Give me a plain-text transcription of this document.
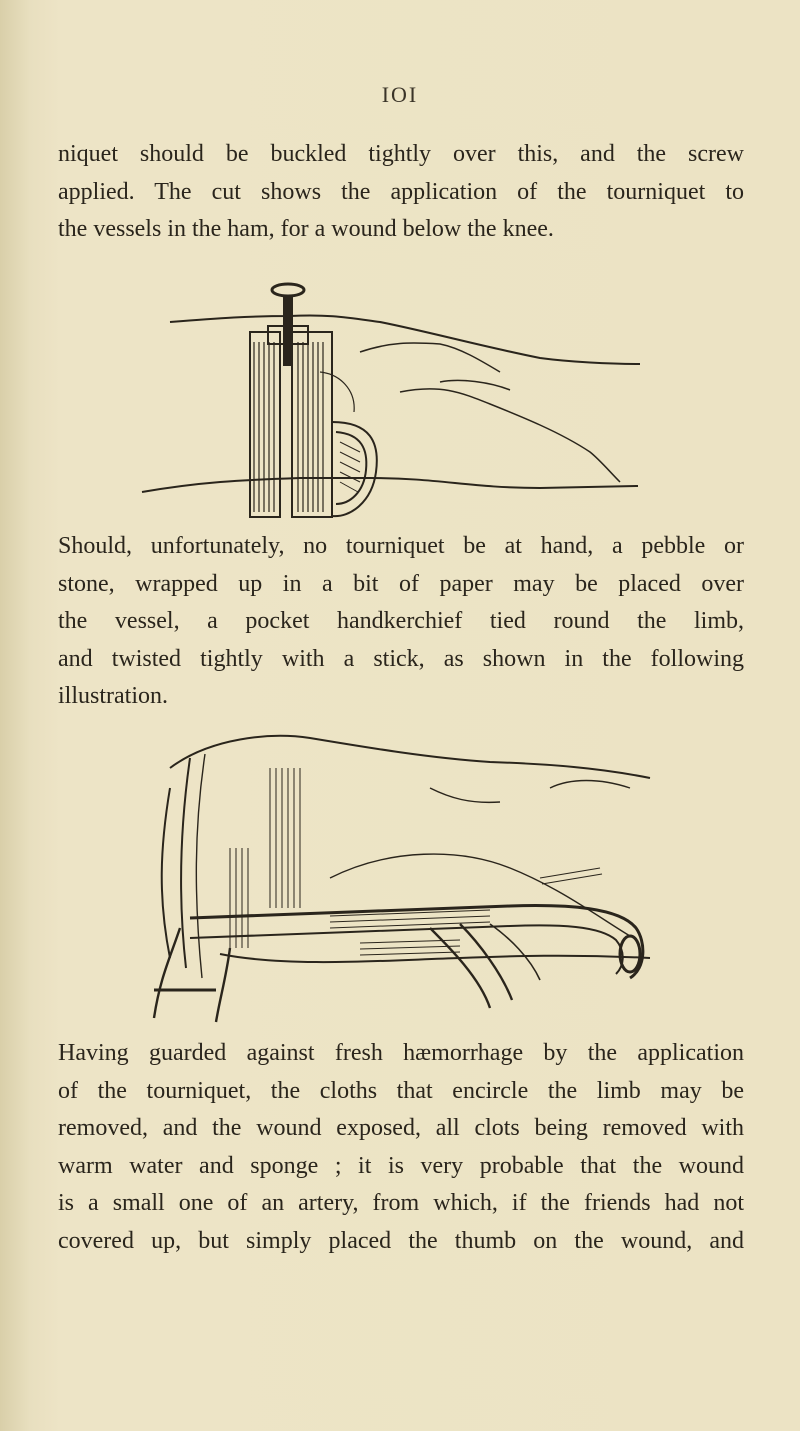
IOI

niquet should be buckled tightly over this, and the screw
applied. The cut shows the application of the tourniquet to
the vessels in the ham, for a wound below the knee.

Should, unfortunately, no tourniquet be at hand, a pebble or
stone, wrapped up in a bit of paper may be placed over
the vessel, a pocket handkerchief tied round the limb,
and twisted tightly with a stick, as shown in the following
illustration.

Having guarded against fresh hæmorrhage by the application
of the tourniquet, the cloths that encircle the limb may be
removed, and the wound exposed, all clots being removed with
warm water and sponge ; it is very probable that the wound
is a small one of an artery, from which, if the friends had not
covered up, but simply placed the thumb on the wound, and
